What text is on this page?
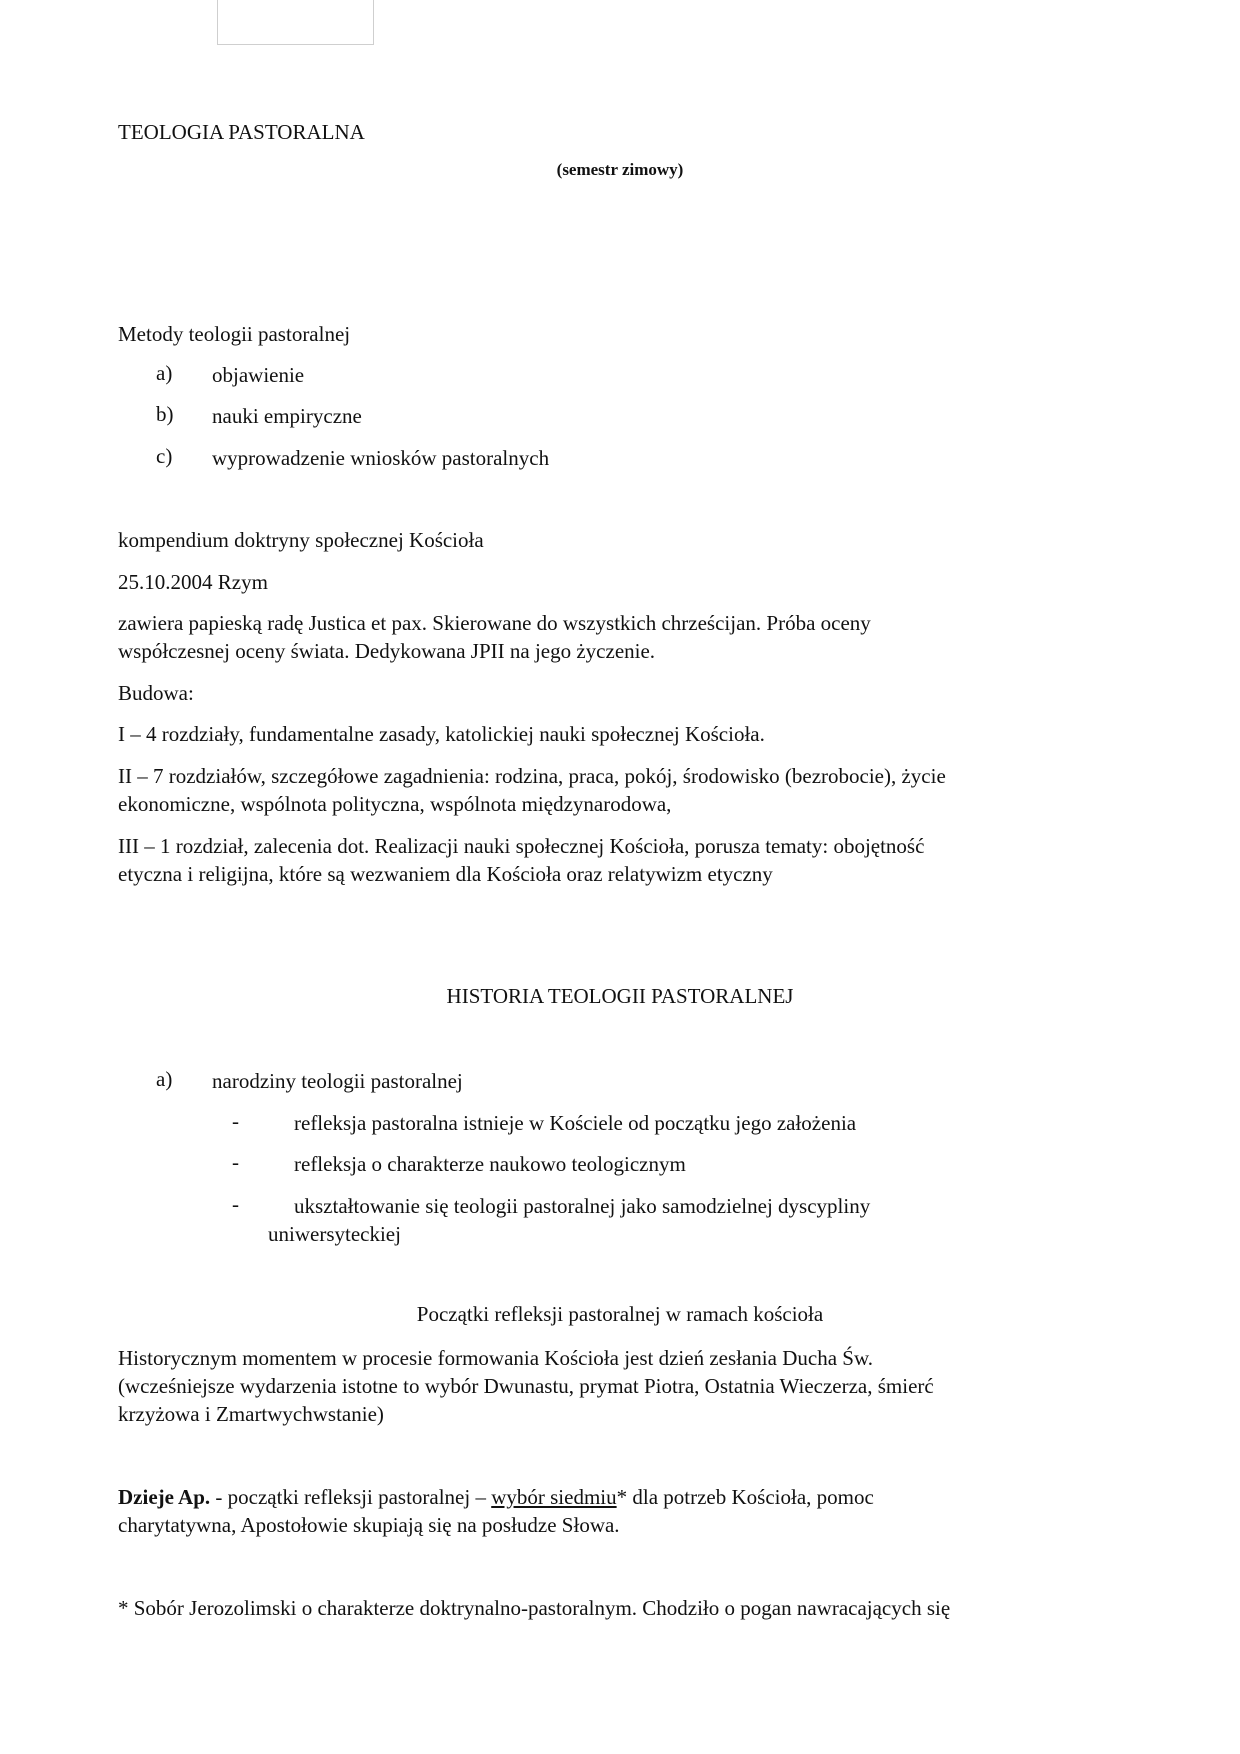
TEOLOGIA PASTORALNA
(semestr zimowy)
Metody teologii pastoralnej
a) objawienie
b) nauki empiryczne
c) wyprowadzenie wniosków pastoralnych
kompendium doktryny społecznej Kościoła
25.10.2004 Rzym
zawiera papieską radę Justica et pax. Skierowane do wszystkich chrześcijan. Próba oceny
współczesnej oceny świata. Dedykowana JPII na jego życzenie.
Budowa:
I – 4 rozdziały, fundamentalne zasady, katolickiej nauki społecznej Kościoła.
II – 7 rozdziałów, szczegółowe zagadnienia: rodzina, praca, pokój, środowisko (bezrobocie), życie
ekonomiczne, wspólnota polityczna, wspólnota międzynarodowa,
III – 1 rozdział, zalecenia dot. Realizacji nauki społecznej Kościoła, porusza tematy: obojętność
etyczna i religijna, które są wezwaniem dla Kościoła oraz relatywizm etyczny
HISTORIA TEOLOGII PASTORALNEJ
a) narodziny teologii pastoralnej
-	refleksja pastoralna istnieje w Kościele od początku jego założenia
-	refleksja o charakterze naukowo teologicznym
-	ukształtowanie się teologii pastoralnej jako samodzielnej dyscypliny
uniwersyteckiej
Początki refleksji pastoralnej w ramach kościoła
Historycznym momentem w procesie formowania Kościoła jest dzień zesłania Ducha Św.
(wcześniejsze wydarzenia istotne to wybór Dwunastu, prymat Piotra, Ostatnia Wieczerza, śmierć
krzyżowa i Zmartwychwstanie)
Dzieje Ap. - początki refleksji pastoralnej – wybór siedmiu* dla potrzeb Kościoła, pomoc
charytatywna, Apostołowie skupiają się na posłudze Słowa.
* Sobór Jerozolimski o charakterze doktrynalno-pastoralnym. Chodziło o pogan nawracających się
